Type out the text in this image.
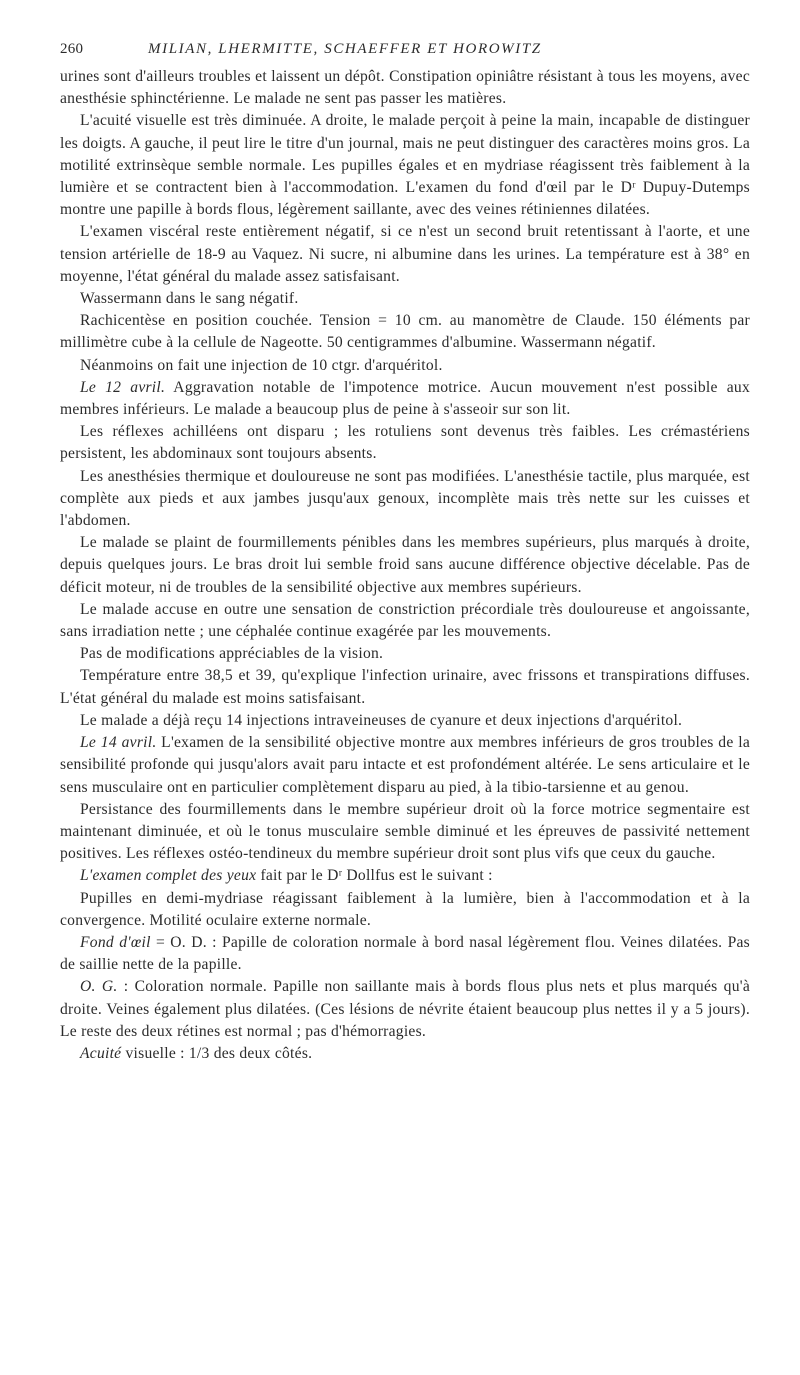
260	MILIAN, LHERMITTE, SCHAEFFER ET HOROWITZ

urines sont d'ailleurs troubles et laissent un dépôt. Constipation opiniâtre résistant à tous les moyens, avec anesthésie sphinctérienne. Le malade ne sent pas passer les matières.

L'acuité visuelle est très diminuée. A droite, le malade perçoit à peine la main, incapable de distinguer les doigts. A gauche, il peut lire le titre d'un journal, mais ne peut distinguer des caractères moins gros. La motilité extrinsèque semble normale. Les pupilles égales et en mydriase réagissent très faiblement à la lumière et se contractent bien à l'accommodation. L'examen du fond d'œil par le Dʳ Dupuy-Dutemps montre une papille à bords flous, légèrement saillante, avec des veines rétiniennes dilatées.

L'examen viscéral reste entièrement négatif, si ce n'est un second bruit retentissant à l'aorte, et une tension artérielle de 18-9 au Vaquez. Ni sucre, ni albumine dans les urines. La température est à 38° en moyenne, l'état général du malade assez satisfaisant.

Wassermann dans le sang négatif.

Rachicentèse en position couchée. Tension = 10 cm. au manomètre de Claude. 150 éléments par millimètre cube à la cellule de Nageotte. 50 centigrammes d'albumine. Wassermann négatif.

Néanmoins on fait une injection de 10 ctgr. d'arquéritol.

Le 12 avril. Aggravation notable de l'impotence motrice. Aucun mouvement n'est possible aux membres inférieurs. Le malade a beaucoup plus de peine à s'asseoir sur son lit.

Les réflexes achilléens ont disparu ; les rotuliens sont devenus très faibles. Les crémastériens persistent, les abdominaux sont toujours absents.

Les anesthésies thermique et douloureuse ne sont pas modifiées. L'anesthésie tactile, plus marquée, est complète aux pieds et aux jambes jusqu'aux genoux, incomplète mais très nette sur les cuisses et l'abdomen.

Le malade se plaint de fourmillements pénibles dans les membres supérieurs, plus marqués à droite, depuis quelques jours. Le bras droit lui semble froid sans aucune différence objective décelable. Pas de déficit moteur, ni de troubles de la sensibilité objective aux membres supérieurs.

Le malade accuse en outre une sensation de constriction précordiale très douloureuse et angoissante, sans irradiation nette ; une céphalée continue exagérée par les mouvements.

Pas de modifications appréciables de la vision.

Température entre 38,5 et 39, qu'explique l'infection urinaire, avec frissons et transpirations diffuses. L'état général du malade est moins satisfaisant.

Le malade a déjà reçu 14 injections intraveineuses de cyanure et deux injections d'arquéritol.

Le 14 avril. L'examen de la sensibilité objective montre aux membres inférieurs de gros troubles de la sensibilité profonde qui jusqu'alors avait paru intacte et est profondément altérée. Le sens articulaire et le sens musculaire ont en particulier complètement disparu au pied, à la tibio-tarsienne et au genou.

Persistance des fourmillements dans le membre supérieur droit où la force motrice segmentaire est maintenant diminuée, et où le tonus musculaire semble diminué et les épreuves de passivité nettement positives. Les réflexes ostéo-tendineux du membre supérieur droit sont plus vifs que ceux du gauche.

L'examen complet des yeux fait par le Dʳ Dollfus est le suivant :

Pupilles en demi-mydriase réagissant faiblement à la lumière, bien à l'accommodation et à la convergence. Motilité oculaire externe normale.

Fond d'œil = O. D. : Papille de coloration normale à bord nasal légèrement flou. Veines dilatées. Pas de saillie nette de la papille.

O. G. : Coloration normale. Papille non saillante mais à bords flous plus nets et plus marqués qu'à droite. Veines également plus dilatées. (Ces lésions de névrite étaient beaucoup plus nettes il y a 5 jours). Le reste des deux rétines est normal ; pas d'hémorragies.

Acuité visuelle : 1/3 des deux côtés.
